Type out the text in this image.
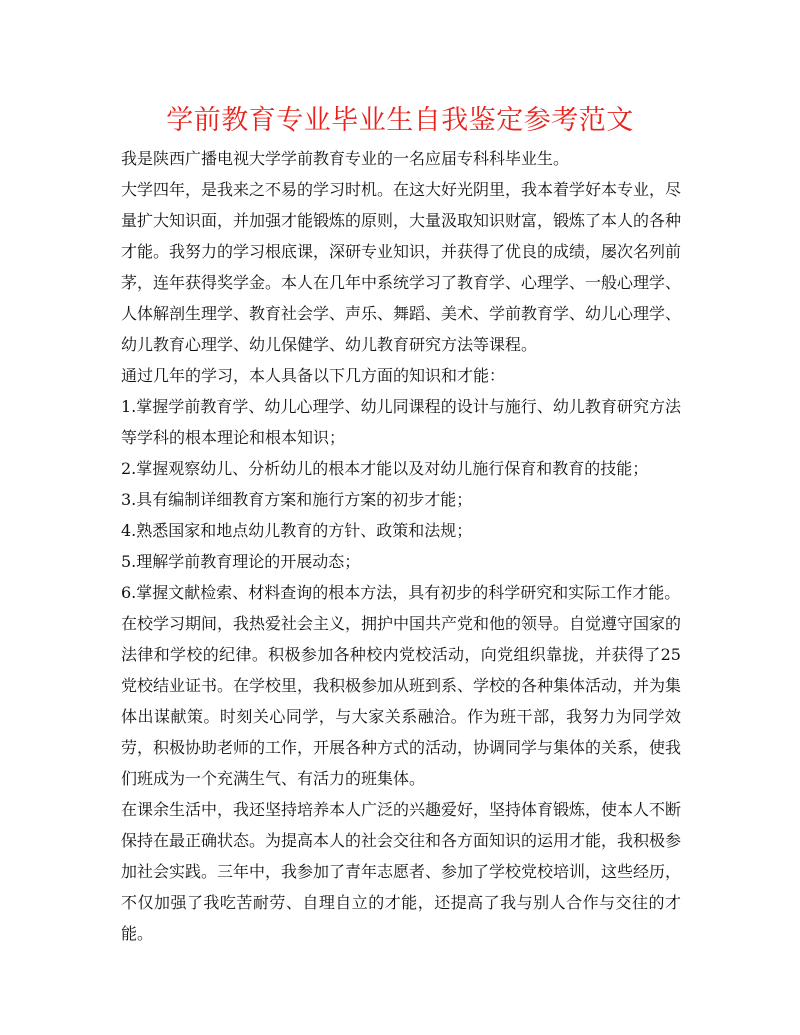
学前教育专业毕业生自我鉴定参考范文

我是陕西广播电视大学学前教育专业的一名应届专科科毕业生。

大学四年，是我来之不易的学习时机。在这大好光阴里，我本着学好本专业，尽量扩大知识面，并加强才能锻炼的原则，大量汲取知识财富，锻炼了本人的各种才能。我努力的学习根底课，深研专业知识，并获得了优良的成绩，屡次名列前茅，连年获得奖学金。本人在几年中系统学习了教育学、心理学、一般心理学、人体解剖生理学、教育社会学、声乐、舞蹈、美术、学前教育学、幼儿心理学、幼儿教育心理学、幼儿保健学、幼儿教育研究方法等课程。

通过几年的学习，本人具备以下几方面的知识和才能：

1.掌握学前教育学、幼儿心理学、幼儿同课程的设计与施行、幼儿教育研究方法等学科的根本理论和根本知识；

2.掌握观察幼儿、分析幼儿的根本才能以及对幼儿施行保育和教育的技能；

3.具有编制详细教育方案和施行方案的初步才能；

4.熟悉国家和地点幼儿教育的方针、政策和法规；

5.理解学前教育理论的开展动态；

6.掌握文献检索、材料查询的根本方法，具有初步的科学研究和实际工作才能。

在校学习期间，我热爱社会主义，拥护中国共产党和他的领导。自觉遵守国家的法律和学校的纪律。积极参加各种校内党校活动，向党组织靠拢，并获得了25党校结业证书。在学校里，我积极参加从班到系、学校的各种集体活动，并为集体出谋献策。时刻关心同学，与大家关系融洽。作为班干部，我努力为同学效劳，积极协助老师的工作，开展各种方式的活动，协调同学与集体的关系，使我们班成为一个充满生气、有活力的班集体。

在课余生活中，我还坚持培养本人广泛的兴趣爱好，坚持体育锻炼，使本人不断保持在最正确状态。为提高本人的社会交往和各方面知识的运用才能，我积极参加社会实践。三年中，我参加了青年志愿者、参加了学校党校培训，这些经历，不仅加强了我吃苦耐劳、自理自立的才能，还提高了我与别人合作与交往的才能。
